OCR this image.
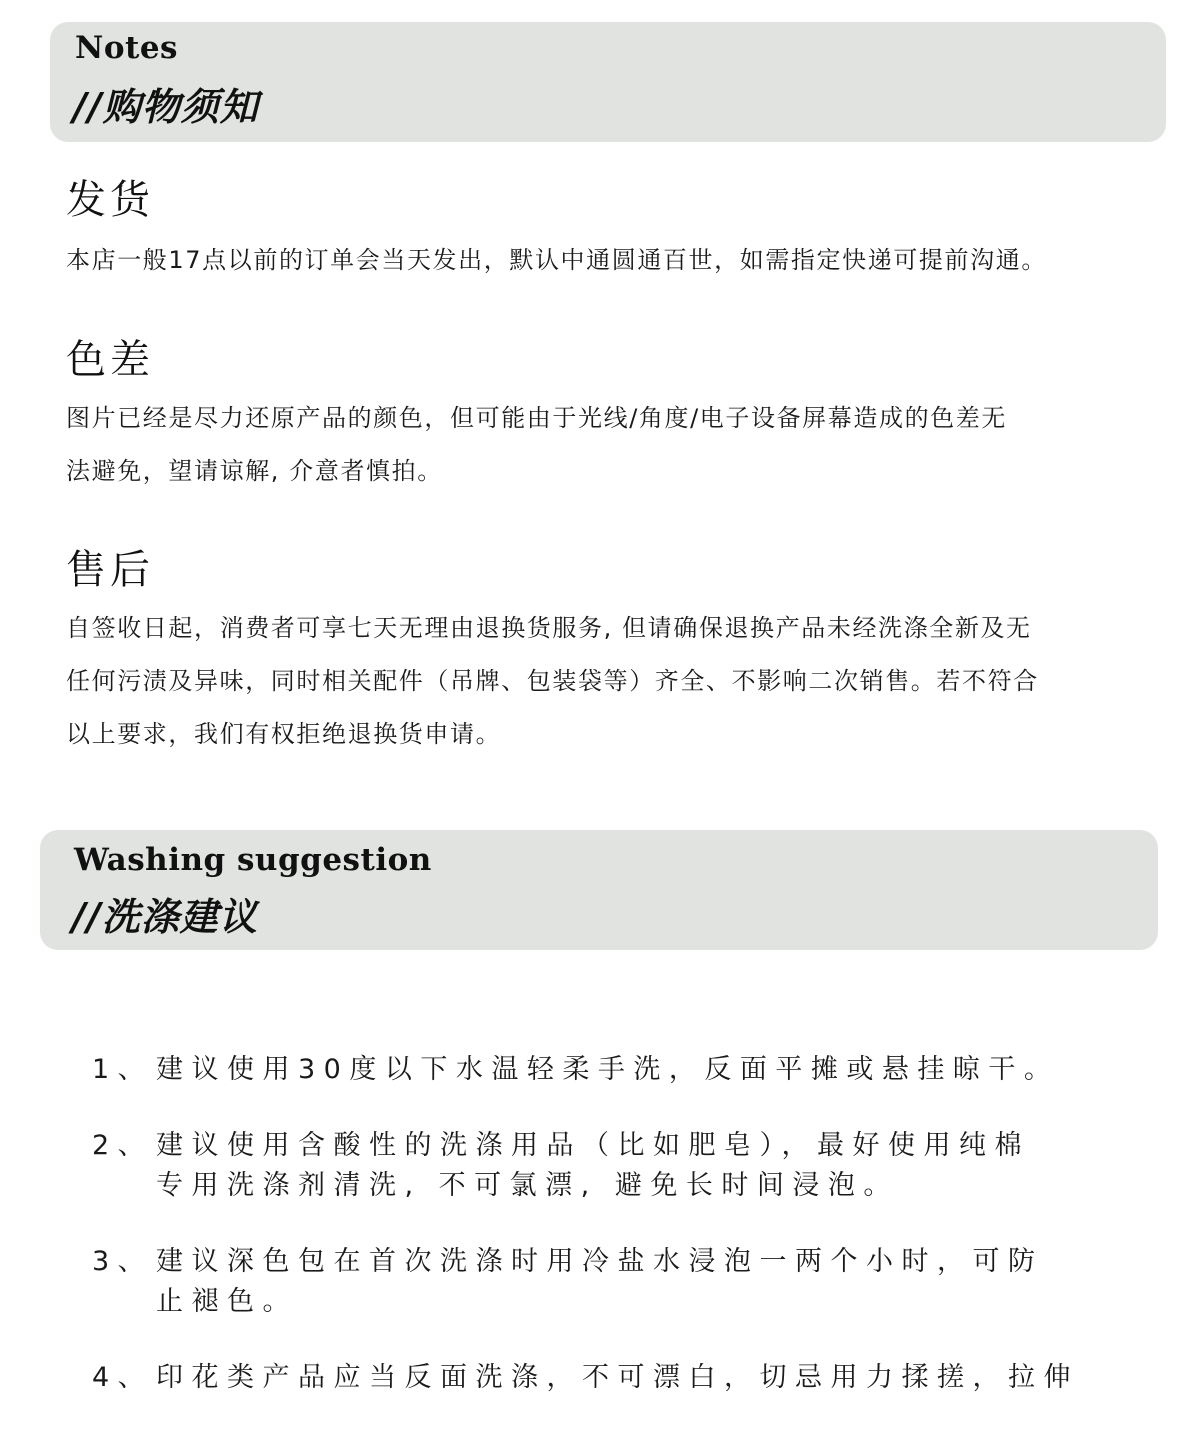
Notes
//购物须知
发货

本店一般17点以前的订单会当天发出，默认中通圆通百世，如需指定快递可提前沟通。

色差

图片已经是尽力还原产品的颜色，但可能由于光线/角度/电子设备屏幕造成的色差无
法避免，望请谅解, 介意者慎拍。

售后

自签收日起，消费者可享七天无理由退换货服务, 但请确保退换产品未经洗涤全新及无
任何污渍及异味，同时相关配件（吊牌、包装袋等）齐全、不影响二次销售。若不符合
以上要求，我们有权拒绝退换货申请。

Washing suggestion
//洗涤建议
1、 建议使用30度以下水温轻柔手洗，反面平摊或悬挂晾干。
2、 建议使用含酸性的洗涤用品（比如肥皂），最好使用纯棉
专用洗涤剂清洗, 不可氯漂, 避免长时间浸泡。
3、 建议深色包在首次洗涤时用冷盐水浸泡一两个小时，可防
止褪色。
4、 印花类产品应当反面洗涤，不可漂白，切忌用力揉搓，拉伸
